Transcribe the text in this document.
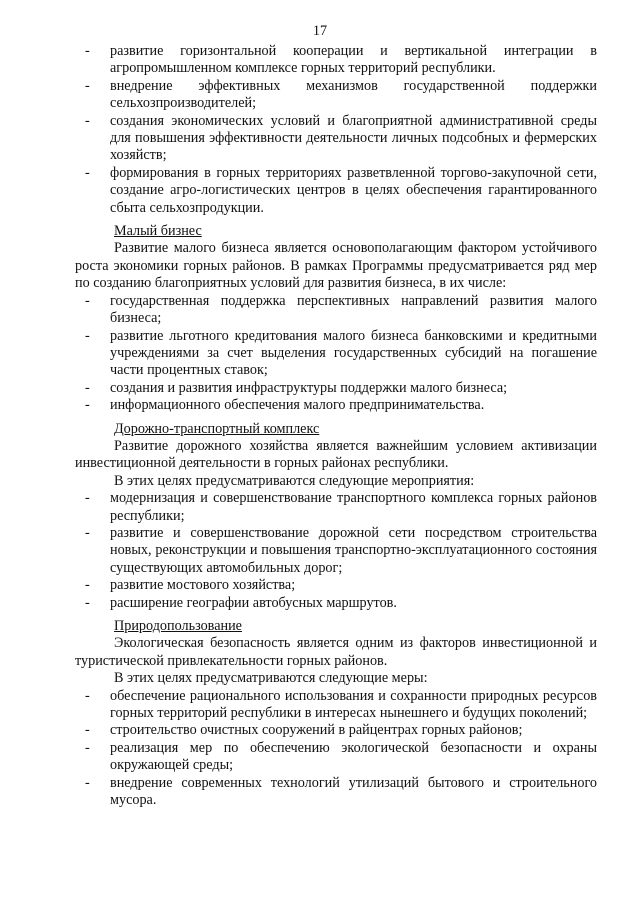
17

- развитие горизонтальной кооперации и вертикальной интеграции в агропромышленном комплексе горных территорий республики.

- внедрение эффективных механизмов государственной поддержки сельхозпроизводителей;

- создания экономических условий и благоприятной административной среды для повышения эффективности деятельности личных подсобных и фермерских хозяйств;

- формирования в горных территориях разветвленной торгово-закупочной сети, создание агро-логистических центров в целях обеспечения гарантированного сбыта сельхозпродукции.

Малый бизнес

Развитие малого бизнеса является основополагающим фактором устойчивого роста экономики горных районов. В рамках Программы предусматривается ряд мер по созданию благоприятных условий для развития бизнеса, в их числе:

- государственная поддержка перспективных направлений развития малого бизнеса;

- развитие льготного кредитования малого бизнеса банковскими и кредитными учреждениями за счет выделения государственных субсидий на погашение части процентных ставок;

- создания и развития инфраструктуры поддержки малого бизнеса;

- информационного обеспечения малого предпринимательства.

Дорожно-транспортный комплекс

Развитие дорожного хозяйства является важнейшим условием активизации инвестиционной деятельности в горных районах республики.

В этих целях предусматриваются следующие мероприятия:

- модернизация и совершенствование транспортного комплекса горных районов республики;

- развитие и совершенствование дорожной сети посредством строительства новых, реконструкции и повышения транспортно-эксплуатационного состояния существующих автомобильных дорог;

- развитие мостового хозяйства;

- расширение географии автобусных маршрутов.

Природопользование

Экологическая безопасность является одним из факторов инвестиционной и туристической привлекательности горных районов.

В этих целях предусматриваются следующие меры:

- обеспечение рационального использования и сохранности природных ресурсов горных территорий республики в интересах нынешнего и будущих поколений;

- строительство очистных сооружений в райцентрах горных районов;

- реализация мер по обеспечению экологической безопасности и охраны окружающей среды;

- внедрение современных технологий утилизаций бытового и строительного мусора.
